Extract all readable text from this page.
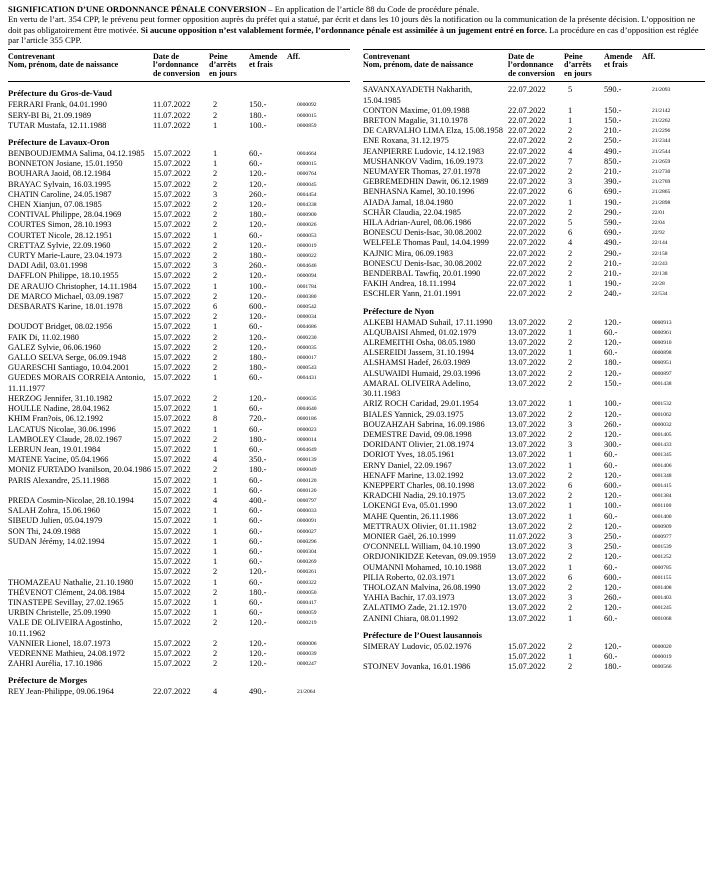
SIGNIFICATION D’UNE ORDONNANCE PÉNALE CONVERSION – En application de l’article 88 du Code de procédure pénale.
En vertu de l’art. 354 CPP, le prévenu peut former opposition auprès du préfet qui a statué, par écrit et dans les 10 jours dès la notification ou la communication de la présente décision. L’opposition ne doit pas obligatoirement être motivée. Si aucune opposition n’est valablement formée, l’ordonnance pénale est assimilée à un jugement entré en force. La procédure en cas d’opposition est réglée par l’article 355 CPP.
Contrevenant
Nom, prénom, date de naissance
Date de
l’ordonnance
de conversion
Peine
d’arrêts
en jours
Amende
et frais
Aff.
Préfecture du Gros-de-Vaud
FERRARI Frank, 04.01.1990	11.07.2022	2	150.-	0000092
SERY-BI Bi, 21.09.1989	11.07.2022	2	180.-	0000015
TUTAR Mustafa, 12.11.1988	11.07.2022	1	100.-	0000859
Préfecture de Lavaux-Oron
BENBOUDJEMMA Salima, 04.12.1985	15.07.2022	1	60.-	0004664
BONNETON Josiane, 15.01.1950	15.07.2022	1	60.-	0000015
BOUHARA Jaoid, 08.12.1984	15.07.2022	2	120.-	0000764
BRAYAC Sylvain, 16.03.1995	15.07.2022	2	120.-	0000045
CHATIN Caroline, 24.05.1987	15.07.2022	3	260.-	0004454
CHEN Xianjun, 07.08.1985	15.07.2022	2	120.-	0004338
CONTIVAL Philippe, 28.04.1969	15.07.2022	2	180.-	0000900
COURTES Simon, 28.10.1993	15.07.2022	2	120.-	0000026
COURTET Nicole, 28.12.1951	15.07.2022	1	60.-	0000053
CRETTAZ Sylvie, 22.09.1960	15.07.2022	2	120.-	0000019
CURTY Marie-Laure, 23.04.1973	15.07.2022	2	180.-	0000022
DADI Adil, 03.01.1998	15.07.2022	3	260.-	0004646
DAFFLON Philippe, 18.10.1955	15.07.2022	2	120.-	0000094
DE ARAUJO Christopher, 14.11.1984	15.07.2022	1	100.-	0001784
DE MARCO Michael, 03.09.1987	15.07.2022	2	120.-	0000380
DESBARATS Karine, 18.01.1978	15.07.2022	6	600.-	0000542
15.07.2022	2	120.-	0000034
DOUDOT Bridget, 08.02.1956	15.07.2022	1	60.-	0004686
FAIK Di, 11.02.1980	15.07.2022	2	120.-	0000230
GALEZ Sylvie, 06.06.1960	15.07.2022	2	120.-	0000035
GALLO SELVA Serge, 06.09.1948	15.07.2022	2	180.-	0000017
GUARESCHI Santiago, 10.04.2001	15.07.2022	2	180.-	0000543
GUEDES MORAIS CORREIA Antonio, 11.11.1977
15.07.2022	1	60.-	0004431
HERZOG Jennifer, 31.10.1982	15.07.2022	2	120.-	0000635
HOULLE Nadine, 28.04.1962	15.07.2022	1	60.-	0004640
KHIM Fran?ois, 06.12.1992	15.07.2022	8	720.-	0000186
LACATUS Nicolae, 30.06.1996	15.07.2022	1	60.-	0000023
LAMBOLEY Claude, 28.02.1967	15.07.2022	2	180.-	0000014
LEBRUN Jean, 19.01.1984	15.07.2022	1	60.-	0004649
MATENE Yacine, 05.04.1966	15.07.2022	4	350.-	0000139
MONIZ FURTADO Ivanilson, 20.04.1986 15.07.2022	2	180.-	0000049
PARIS Alexandre, 25.11.1988	15.07.2022	1	60.-	0000120
15.07.2022	1	60.-	0000120
PREDA Cosmin-Nicolae, 28.10.1994	15.07.2022	4	400.-	0000797
SALAH Zohra, 15.06.1960	15.07.2022	1	60.-	0000033
SIBEUD Julien, 05.04.1979	15.07.2022	1	60.-	0000091
SON Thi, 24.09.1988	15.07.2022	1	60.-	0000027
SUDAN Jérémy, 14.02.1994	15.07.2022	1	60.-	0000296
15.07.2022	1	60.-	0000304
15.07.2022	1	60.-	0000269
15.07.2022	2	120.-	0000261
THOMAZEAU Nathalie, 21.10.1980	15.07.2022	1	60.-	0000322
THÉVENOT Clément, 24.08.1984	15.07.2022	2	180.-	0000050
TINASTEPE Sevillay, 27.02.1965	15.07.2022	1	60.-	0000417
URBIN Christelle, 25.09.1990	15.07.2022	1	60.-	0000059
VALE DE OLIVEIRA Agostinho, 10.11.1962
15.07.2022	2	120.-	0000219
VANNIER Lionel, 18.07.1973	15.07.2022	2	120.-	0000006
VEDRENNE Mathieu, 24.08.1972	15.07.2022	2	120.-	0000039
ZAHRI Aurélia, 17.10.1986	15.07.2022	2	120.-	0000247
Préfecture de Morges
REY Jean-Philippe, 09.06.1964	22.07.2022	4	490.-	21/2064
Contrevenant
Nom, prénom, date de naissance
Date de
l’ordonnance
de conversion
Peine
d’arrêts
en jours
Amende
et frais
Aff.
SAVANXAYADETH Nakharith, 15.04.1985
22.07.2022	5	590.-	21/2093
CONTON Maxime, 01.09.1988	22.07.2022	1	150.-	21/2142
BRETON Magalie, 31.10.1978	22.07.2022	1	150.-	21/2262
DE CARVALHO LIMA Elza, 15.08.1958 22.07.2022	2	210.-	21/2296
ENE Roxana, 31.12.1975	22.07.2022	2	250.-	21/2344
JEANPIERRE Ludovic, 14.12.1983	22.07.2022	4	490.-	21/2544
MUSHANKOV Vadim, 16.09.1973	22.07.2022	7	850.-	21/2659
NEUMAYER Thomas, 27.01.1978	22.07.2022	2	210.-	21/2730
GEBREMEDHIN Dawit, 06.12.1989	22.07.2022	3	390.-	21/2769
BENHASNA Kamel, 30.10.1996	22.07.2022	6	690.-	21/2865
AIADA Jamal, 18.04.1980	22.07.2022	1	190.-	21/2898
SCHÄR Claudia, 22.04.1985	22.07.2022	2	290.-	22/01
HILA Adrian-Aurel, 08.06.1986	22.07.2022	5	590.-	22/04
BONESCU Denis-Isac, 30.08.2002	22.07.2022	6	690.-	22/92
WELFELE Thomas Paul, 14.04.1999	22.07.2022	4	490.-	22/144
KAJNIC Mira, 06.09.1983	22.07.2022	2	290.-	22/158
BONESCU Denis-Isac, 30.08.2002	22.07.2022	2	210.-	22/243
BENDERBAL Tawfiq, 20.01.1990	22.07.2022	2	210.-	22/138
FAKIH Andrea, 18.11.1994	22.07.2022	1	190.-	22/28
ESCHLER Yann, 21.01.1991	22.07.2022	2	240.-	22/534
Préfecture de Nyon
ALKEBI HAMAD Suhail, 17.11.1990	13.07.2022	2	120.-	0000913
ALQUBAISI Ahmed, 01.02.1979	13.07.2022	1	60.-	0000961
ALREMEITHI Osha, 08.05.1980	13.07.2022	2	120.-	0000910
ALSEREIDI Jassem, 31.10.1994	13.07.2022	1	60.-	0000898
ALSHAMSI Hadef, 26.03.1989	13.07.2022	2	180.-	0000951
ALSUWAIDI Humaid, 29.03.1996	13.07.2022	2	120.-	0000897
AMARAL OLIVEIRA Adelino, 30.11.1983
13.07.2022	2	150.-	0001438
ARIZ ROCH Caridad, 29.01.1954	13.07.2022	1	100.-	0001532
BIALES Yannick, 29.03.1975	13.07.2022	2	120.-	0001062
BOUZAHZAH Sabrina, 16.09.1986	13.07.2022	3	260.-	0000032
DEMESTRE David, 09.08.1998	13.07.2022	2	120.-	0001405
DORIDANT Olivier, 21.08.1974	13.07.2022	3	300.-	0001433
DORIOT Yves, 18.05.1961	13.07.2022	1	60.-	0001345
ERNY Daniel, 22.09.1967	13.07.2022	1	60.-	0001406
HENAFF Marine, 13.02.1992	13.07.2022	2	120.-	0001348
KNEPPERT Charles, 08.10.1998	13.07.2022	6	600.-	0001415
KRADCHI Nadia, 29.10.1975	13.07.2022	2	120.-	0001384
LOKENGI Eva, 05.01.1990	13.07.2022	1	100.-	0001100
MAHE Quentin, 26.11.1986	13.07.2022	1	60.-	0001400
METTRAUX Olivier, 01.11.1982	13.07.2022	2	120.-	0000909
MONIER Gaël, 26.10.1999	11.07.2022	3	250.-	0000977
O'CONNELL William, 04.10.1990	13.07.2022	3	250.-	0001539
ORDJONIKIDZE Ketevan, 09.09.1959	13.07.2022	2	120.-	0001252
OUMANNI Mohamed, 10.10.1988	13.07.2022	1	60.-	0000785
PILIA Roberto, 02.03.1971	13.07.2022	6	600.-	0001155
THOLOZAN Malvina, 26.08.1990	13.07.2022	2	120.-	0001408
YAHIA Bachir, 17.03.1973	13.07.2022	3	260.-	0001403
ZALATIMO Zade, 21.12.1970	13.07.2022	2	120.-	0001245
ZANINI Chiara, 08.01.1992	13.07.2022	1	60.-	0001068
Préfecture de l’Ouest lausannois
SIMERAY Ludovic, 05.02.1976	15.07.2022	2	120.-	0000020
15.07.2022	1	60.-	0000019
STOJNEV Jovanka, 16.01.1986	15.07.2022	2	180.-	0000566
